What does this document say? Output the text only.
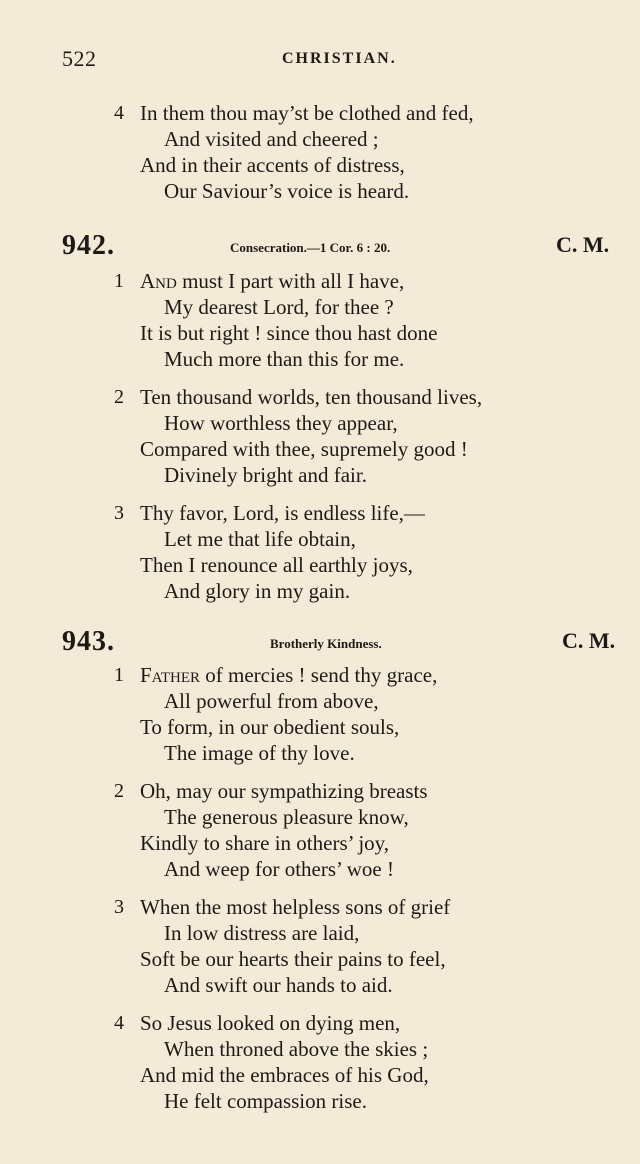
522	CHRISTIAN.
4 In them thou may’st be clothed and fed,
And visited and cheered ;
And in their accents of distress,
Our Saviour’s voice is heard.
942.	Consecration.—1 Cor. 6 : 20.	C. M.
1 And must I part with all I have,
My dearest Lord, for thee ?
It is but right ! since thou hast done
Much more than this for me.
2 Ten thousand worlds, ten thousand lives,
How worthless they appear,
Compared with thee, supremely good !
Divinely bright and fair.
3 Thy favor, Lord, is endless life,—
Let me that life obtain,
Then I renounce all earthly joys,
And glory in my gain.
943.	Brotherly Kindness.	C. M.
1 Father of mercies ! send thy grace,
All powerful from above,
To form, in our obedient souls,
The image of thy love.
2 Oh, may our sympathizing breasts
The generous pleasure know,
Kindly to share in others’ joy,
And weep for others’ woe !
3 When the most helpless sons of grief
In low distress are laid,
Soft be our hearts their pains to feel,
And swift our hands to aid.
4 So Jesus looked on dying men,
When throned above the skies ;
And mid the embraces of his God,
He felt compassion rise.
